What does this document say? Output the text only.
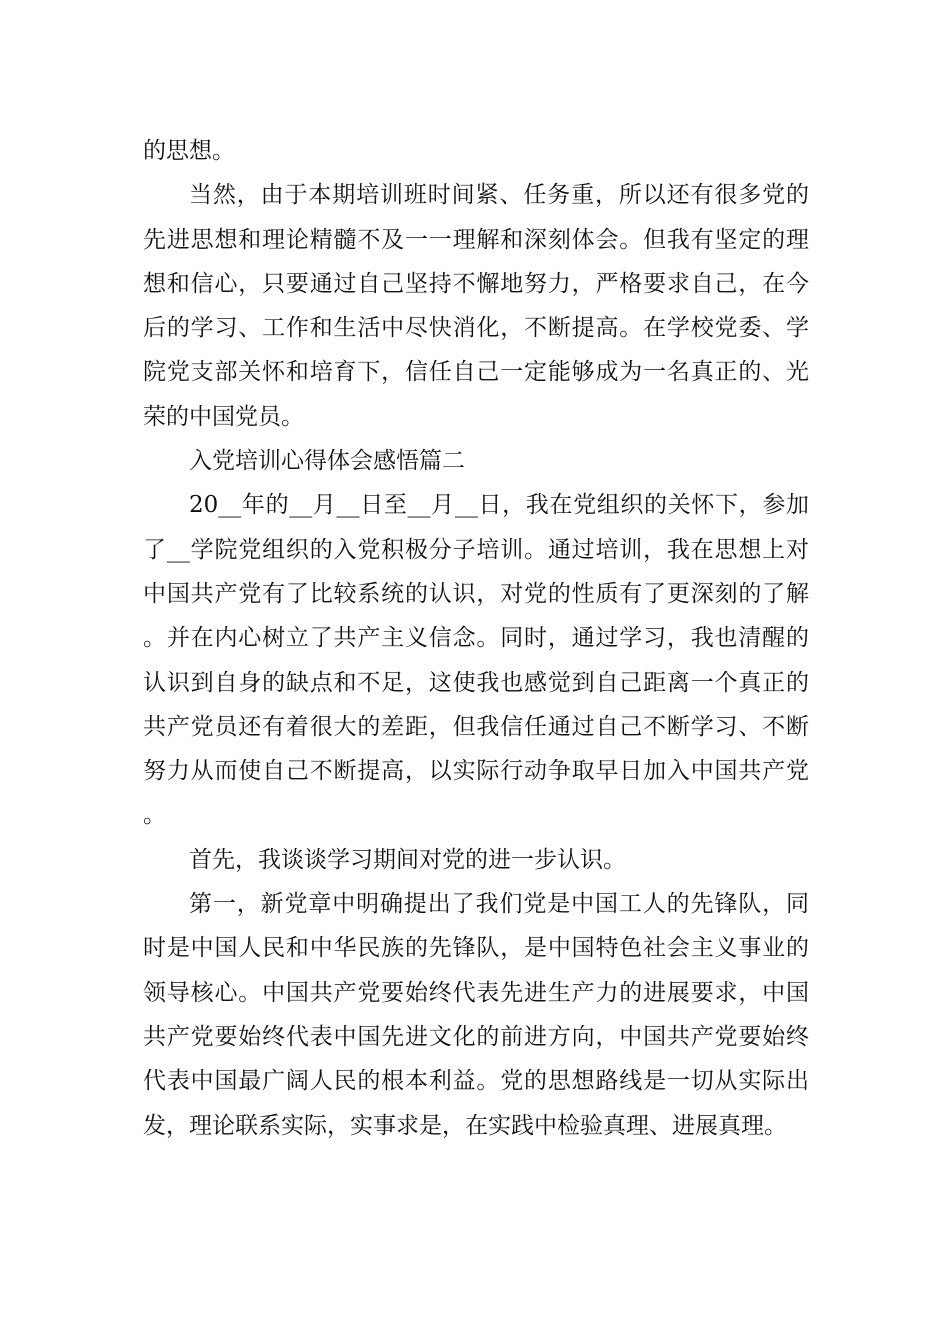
的思想。

当然，由于本期培训班时间紧、任务重，所以还有很多党的先进思想和理论精髓不及一一理解和深刻体会。但我有坚定的理想和信心，只要通过自己坚持不懈地努力，严格要求自己，在今后的学习、工作和生活中尽快消化，不断提高。在学校党委、学院党支部关怀和培育下，信任自己一定能够成为一名真正的、光荣的中国党员。

入党培训心得体会感悟篇二

20__年的__月__日至__月__日，我在党组织的关怀下，参加了__学院党组织的入党积极分子培训。通过培训，我在思想上对中国共产党有了比较系统的认识，对党的性质有了更深刻的了解。并在内心树立了共产主义信念。同时，通过学习，我也清醒的认识到自身的缺点和不足，这使我也感觉到自己距离一个真正的共产党员还有着很大的差距，但我信任通过自己不断学习、不断努力从而使自己不断提高，以实际行动争取早日加入中国共产党。

首先，我谈谈学习期间对党的进一步认识。

第一，新党章中明确提出了我们党是中国工人的先锋队，同时是中国人民和中华民族的先锋队，是中国特色社会主义事业的领导核心。中国共产党要始终代表先进生产力的进展要求，中国共产党要始终代表中国先进文化的前进方向，中国共产党要始终代表中国最广阔人民的根本利益。党的思想路线是一切从实际出发，理论联系实际，实事求是，在实践中检验真理、进展真理。
